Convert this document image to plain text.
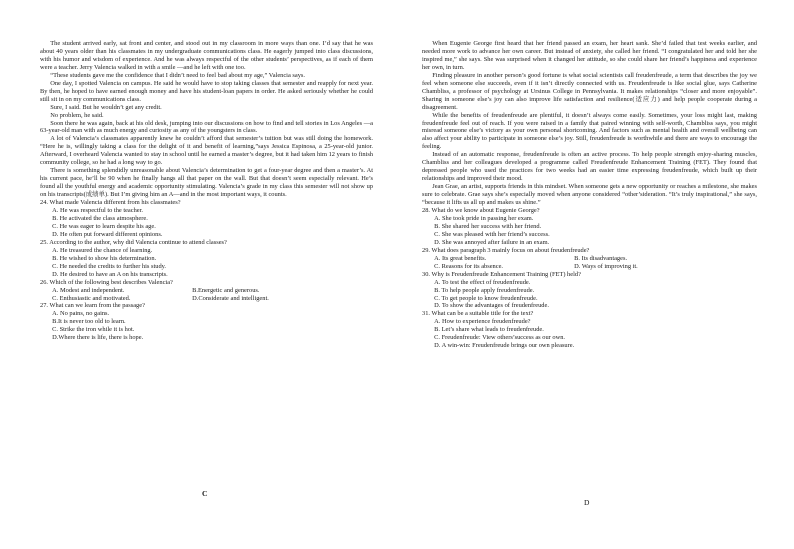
The student arrived early, sat front and center, and stood out in my classroom in more ways than one. I’d say that he was about 40 years older than his classmates in my undergraduate communications class. He eagerly jumped into class discussions, with his humor and wisdom of experience. And he was always respectful of the other students’ perspectives, as if each of them were a teacher. Jerry Valencia walked in with a smile —and he left with one too.

“These students gave me the confidence that I didn’t need to feel bad about my age,” Valencia says.

One day, I spotted Valencia on campus. He said he would have to stop taking classes that semester and reapply for next year. By then, he hoped to have earned enough money and have his student-loan papers in order. He asked seriously whether he could still sit in on my communications class.

Sure, I said. But he wouldn’t get any credit.

No problem, he said.

Soon there he was again, back at his old desk, jumping into our discussions on how to find and tell stories in Los Angeles —a 63-year-old man with as much energy and curiosity as any of the youngsters in class.

A lot of Valencia’s classmates apparently knew he couldn’t afford that semester’s tuition but was still doing the homework. “Here he is, willingly taking a class for the delight of it and benefit of learning,”says Jessica Espinosa, a 25-year-old junior. Afterward, I overheard Valencia wanted to stay in school until he earned a master’s degree, but it had taken him 12 years to finish community college, so he had a long way to go.

There is something splendidly unreasonable about Valencia’s determination to get a four-year degree and then a master’s. At his current pace, he’ll be 90 when he finally hangs all that paper on the wall. But that doesn’t seem especially relevant. He’s found all the youthful energy and academic opportunity stimulating. Valencia’s grade in my class this semester will not show up on his transcripts(成绩单). But I’m giving him an A—and in the most important ways, it counts.

24. What made Valencia different from his classmates?
A. He was respectful to the teacher.
B. He activated the class atmosphere.
C. He was eager to learn despite his age.
D. He often put forward different opinions.
25. According to the author, why did Valencia continue to attend classes?
A. He treasured the chance of learning.
B. He wished to show his determination.
C. He needed the credits to further his study.
D. He desired to have an A on his transcripts.
26. Which of the following best describes Valencia?
A. Modest and independent.	B.Energetic and generous.
C. Enthusiastic and motivated.	D.Considerate and intelligent.
27. What can we learn from the passage?
A. No pains, no gains.
B.It is never too old to learn.
C. Strike the iron while it is hot.
D.Where there is life, there is hope.
C

When Eugenie George first heard that her friend passed an exam, her heart sank. She’d failed that test weeks earlier, and needed more work to advance her own career. But instead of anxiety, she called her friend. “I congratulated her and told her she inspired me,” she says. She was surprised when it changed her attitude, so she could share her friend’s happiness and experience her own, in turn.

Finding pleasure in another person’s good fortune is what social scientists call freudenfreude, a term that describes the joy we feel when someone else succeeds, even if it isn’t directly connected with us. Freudenfreude is like social glue, says Catherine Chambliss, a professor of psychology at Ursinus College in Pennsylvania. It makes relationships “closer and more enjoyable”. Sharing in someone else’s joy can also improve life satisfaction and resilience(适应力) and help people cooperate during a disagreement.

While the benefits of freudenfreude are plentiful, it doesn’t always come easily. Sometimes, your loss might last, making freudenfreude feel out of reach. If you were raised in a family that paired winning with self-worth, Chambliss says, you might misread someone else’s victory as your own personal shortcoming. And factors such as mental health and overall wellbeing can also affect your ability to participate in someone else’s joy. Still, freudenfreude is worthwhile and there are ways to encourage the feeling.

Instead of an automatic response, freudenfreude is often an active process. To help people strength enjoy-sharing muscles, Chambliss and her colleagues developed a programme called Freudenfreude Enhancement Training (FET). They found that depressed people who used the practices for two weeks had an easier time expressing freudenfreude, which built up their relationships and improved their mood.

Jean Grae, an artist, supports friends in this mindset. When someone gets a new opportunity or reaches a milestone, she makes sure to celebrate. Grae says she’s especially moved when anyone considered “other’sideration. “It’s truly inspirational,” she says, “because it lifts us all up and makes us shine.”

28. What do we know about Eugenie George?
A. She took pride in passing her exam.
B. She shared her success with her friend.
C. She was pleased with her friend’s success.
D. She was annoyed after failure in an exam.
29. What does paragraph 3 mainly focus on about freudenfreude?
A. Its great benefits.	B. Its disadvantages.
C. Reasons for its absence.	D. Ways of improving it.
30. Why is Freudenfreude Enhancement Training (FET) held?
A. To test the effect of freudenfreude.
B. To help people apply freudenfreude.
C. To get people to know freudenfreude.
D. To show the advantages of freudenfreude.
31. What can be a suitable title for the text?
A. How to experience freudenfreude?
B. Let’s share what leads to freudenfreude.
C. Freudenfreude: View others’success as our own.
D. A win-win: Freudenfreude brings our own pleasure.
D
